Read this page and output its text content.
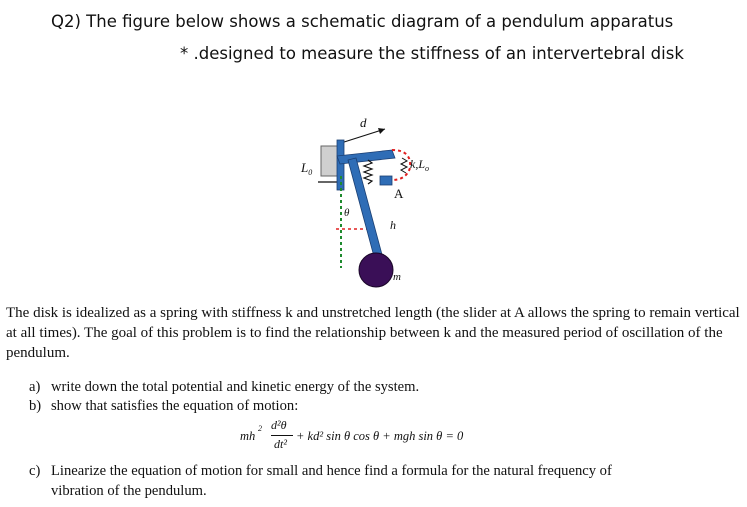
Q2) The figure below shows a schematic diagram of a pendulum apparatus
* .designed to measure the stiffness of an intervertebral disk
d
$L_0$
$k,L_o$
A
θ
h
m
The disk is idealized as a spring with stiffness k and unstretched length (the slider at A allows the spring to remain vertical at all times). The goal of this problem is to find the relationship between k and the measured period of oscillation of the pendulum.
a) write down the total potential and kinetic energy of the system.
b) show that satisfies the equation of motion:
mh
2 d²θ
dt²
+ kd² sin θ cos θ + mgh sin θ = 0
c) Linearize the equation of motion for small and hence find a formula for the natural frequency of
vibration of the pendulum.
